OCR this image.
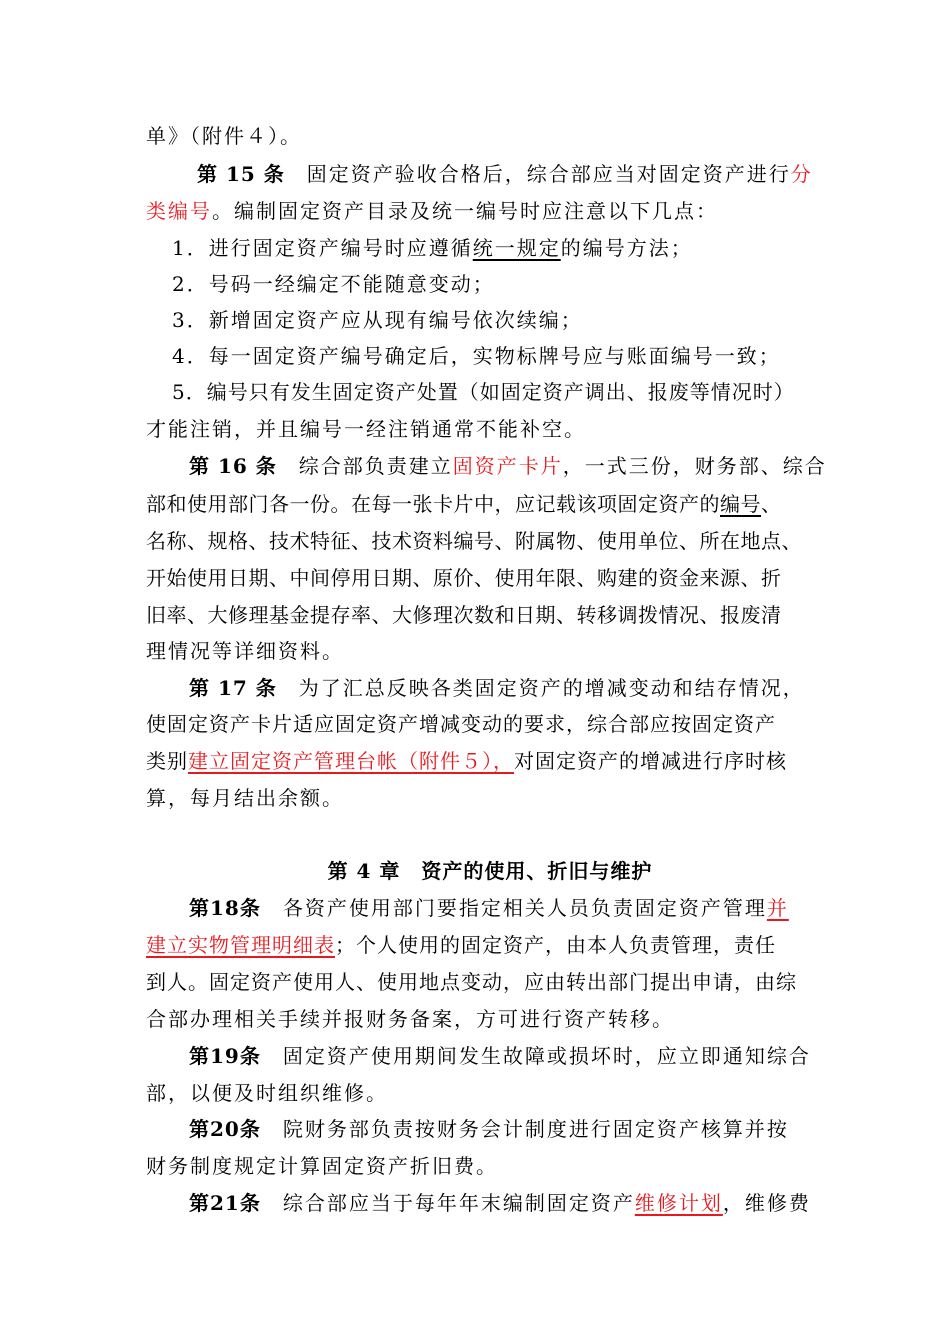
单》（附件４）。
第 15 条　 固定资产验收合格后，综合部应当对固定资产进行分
类编号。编制固定资产目录及统一编号时应注意以下几点：
1．进行固定资产编号时应遵循统一规定的编号方法；
2．号码一经编定不能随意变动；
3．新增固定资产应从现有编号依次续编；
4．每一固定资产编号确定后，实物标牌号应与账面编号一致；
5．编号只有发生固定资产处置（如固定资产调出、报废等情况时）
才能注销，并且编号一经注销通常不能补空。
第 16 条　 综合部负责建立固资产卡片，一式三份，财务部、综合
部和使用部门各一份。在每一张卡片中，应记载该项固定资产的编号、
名称、规格、技术特征、技术资料编号、附属物、使用单位、所在地点、
开始使用日期、中间停用日期、原价、使用年限、购建的资金来源、折
旧率、大修理基金提存率、大修理次数和日期、转移调拨情况、报废清
理情况等详细资料。
第 17 条　 为了汇总反映各类固定资产的增减变动和结存情况，
使固定资产卡片适应固定资产增减变动的要求，综合部应按固定资产
类别建立固定资产管理台帐（附件５），对固定资产的增减进行序时核
算，每月结出余额。
第 4 章　资产的使用、折旧与维护
第18条　 各资产使用部门要指定相关人员负责固定资产管理并
建立实物管理明细表；个人使用的固定资产，由本人负责管理，责任
到人。固定资产使用人、使用地点变动，应由转出部门提出申请，由综
合部办理相关手续并报财务备案，方可进行资产转移。
第19条　 固定资产使用期间发生故障或损坏时，应立即通知综合
部，以便及时组织维修。
第20条　 院财务部负责按财务会计制度进行固定资产核算并按
财务制度规定计算固定资产折旧费。
第21条　 综合部应当于每年年末编制固定资产维修计划，维修费
